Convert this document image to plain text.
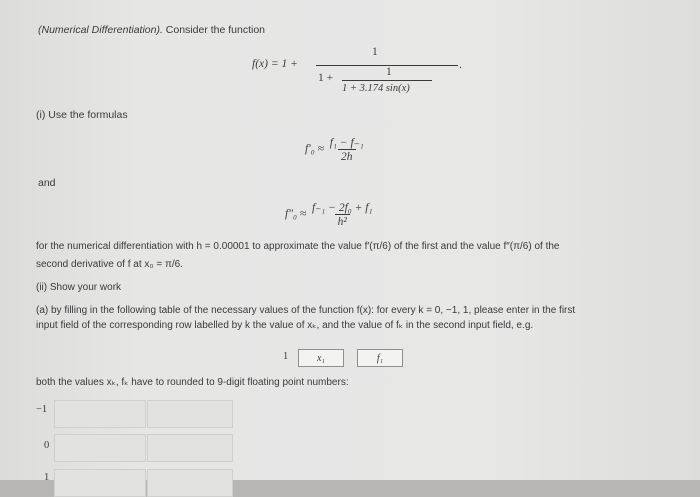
(Numerical Differentiation). Consider the function
f(x) = 1 +
1
1 +	1
1 + 3.174 sin(x)
.
(i) Use the formulas
$f'_0 \approx \frac{\text{f₁ − f₋₁}}{2h}$
and
$f''_0 \approx \frac{\text{f₋₁ − 2f₀ + f₁}}{\text{h²}}$
for the numerical differentiation with h = 0.00001 to approximate the value f′(π/6) of the first and the value f″(π/6) of the
second derivative of f at x₀ = π/6.
(ii) Show your work
(a) by filling in the following table of the necessary values of the function f(x): for every k = 0, −1, 1, please enter in the first
input field of the corresponding row labelled by k the value of xₖ, and the value of fₖ in the second input field, e.g.
1	x₁	f₁
both the values xₖ, fₖ have to rounded to 9-digit floating point numbers:
−1
0
1
